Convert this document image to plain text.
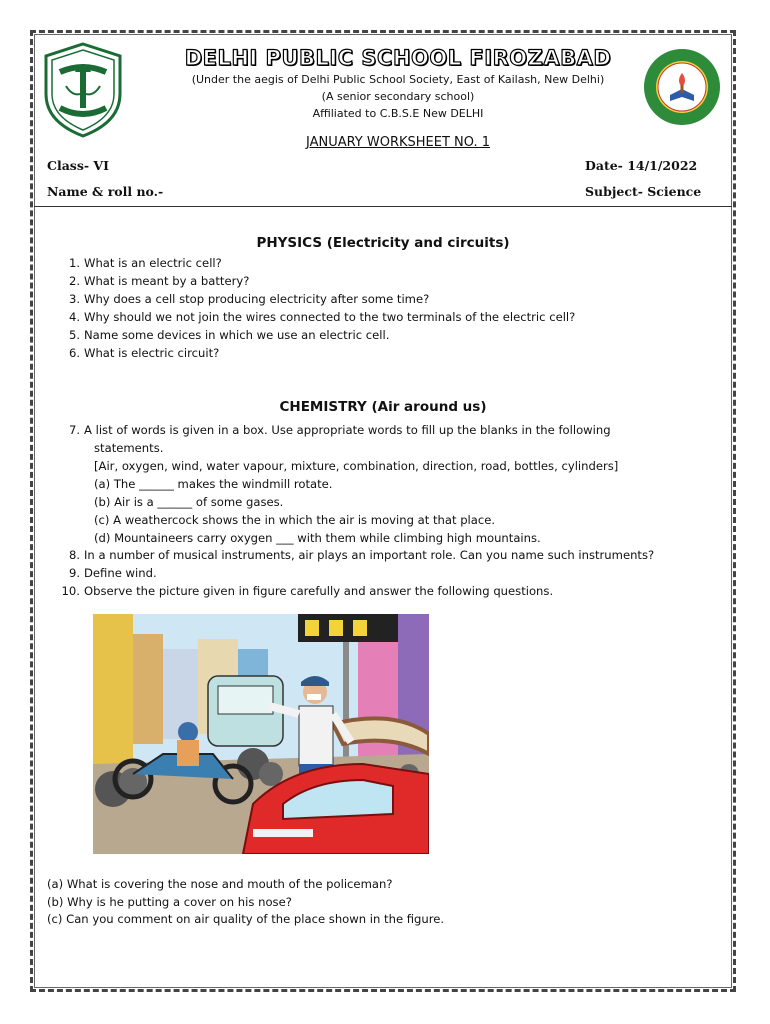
DELHI PUBLIC SCHOOL FIROZABAD
(Under the aegis of Delhi Public School Society, East of Kailash, New Delhi)
(A senior secondary school)
Affiliated to C.B.S.E New DELHI
JANUARY WORKSHEET NO. 1
Class- VI	Date- 14/1/2022
Name & roll no.-	Subject- Science
PHYSICS (Electricity and circuits)
1. What is an electric cell?
2. What is meant by a battery?
3. Why does a cell stop producing electricity after some time?
4. Why should we not join the wires connected to the two terminals of the electric cell?
5. Name some devices in which we use an electric cell.
6. What is electric circuit?
CHEMISTRY (Air around us)
7. A list of words is given in a box. Use appropriate words to fill up the blanks in the following
statements.
[Air, oxygen, wind, water vapour, mixture, combination, direction, road, bottles, cylinders]
(a) The ______ makes the windmill rotate.
(b) Air is a ______ of some gases.
(c) A weathercock shows the in which the air is moving at that place.
(d) Mountaineers carry oxygen ___ with them while climbing high mountains.
8. In a number of musical instruments, air plays an important role. Can you name such instruments?
9. Define wind.
10. Observe the picture given in figure carefully and answer the following questions.
(a) What is covering the nose and mouth of the policeman?
(b) Why is he putting a cover on his nose?
(c) Can you comment on air quality of the place shown in the figure.
